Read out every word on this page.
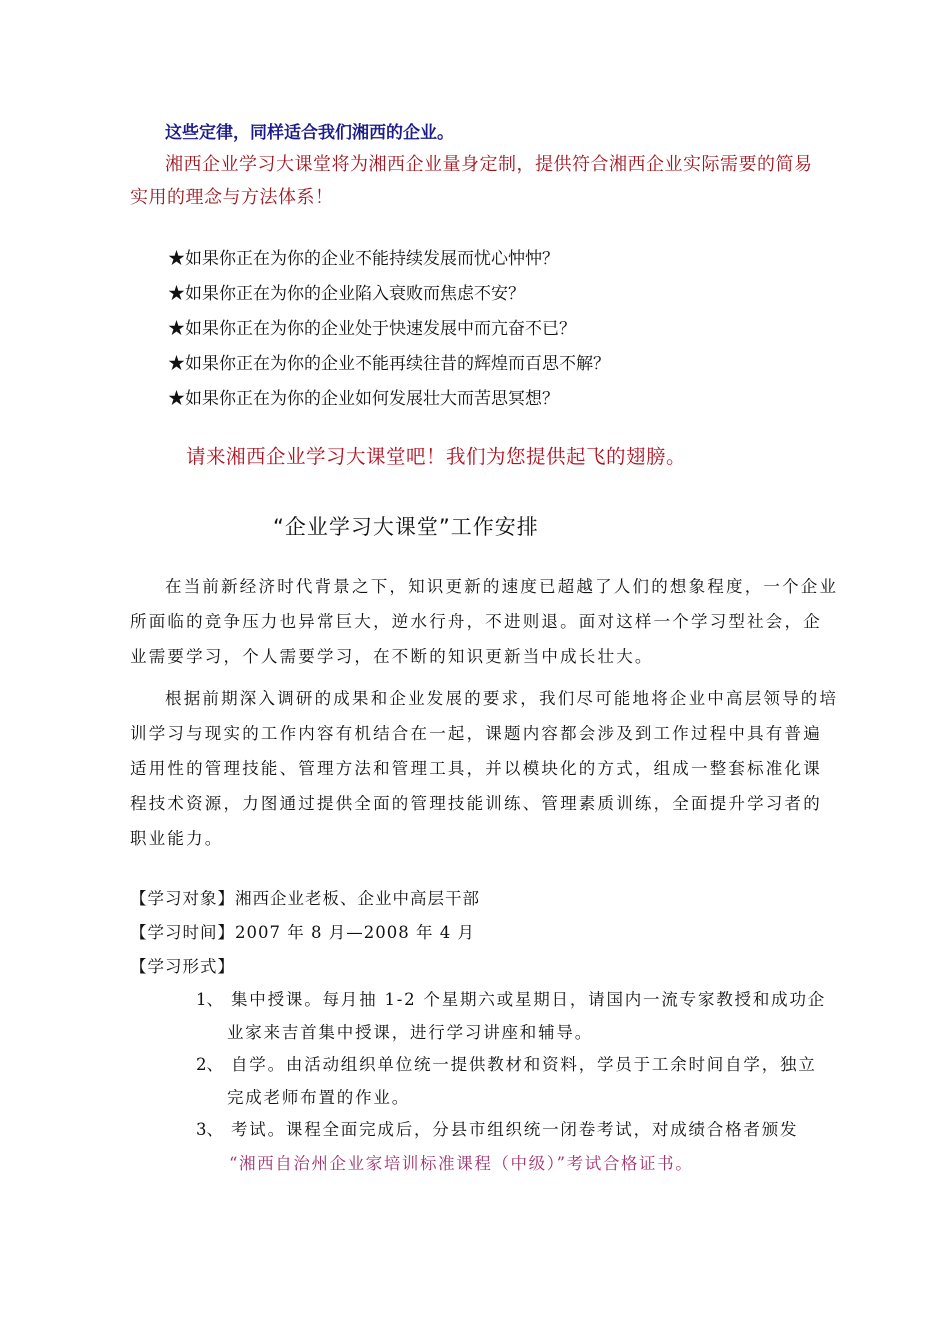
这些定律，同样适合我们湘西的企业。
湘西企业学习大课堂将为湘西企业量身定制，提供符合湘西企业实际需要的简易
实用的理念与方法体系！
★如果你正在为你的企业不能持续发展而忧心忡忡？
★如果你正在为你的企业陷入衰败而焦虑不安？
★如果你正在为你的企业处于快速发展中而亢奋不已？
★如果你正在为你的企业不能再续往昔的辉煌而百思不解？
★如果你正在为你的企业如何发展壮大而苦思冥想？
请来湘西企业学习大课堂吧！我们为您提供起飞的翅膀。
“企业学习大课堂”工作安排
在当前新经济时代背景之下，知识更新的速度已超越了人们的想象程度，一个企业
所面临的竞争压力也异常巨大，逆水行舟，不进则退。面对这样一个学习型社会，企
业需要学习，个人需要学习，在不断的知识更新当中成长壮大。
根据前期深入调研的成果和企业发展的要求，我们尽可能地将企业中高层领导的培
训学习与现实的工作内容有机结合在一起，课题内容都会涉及到工作过程中具有普遍
适用性的管理技能、管理方法和管理工具，并以模块化的方式，组成一整套标准化课
程技术资源，力图通过提供全面的管理技能训练、管理素质训练，全面提升学习者的
职业能力。
【学习对象】湘西企业老板、企业中高层干部
【学习时间】2007 年 8 月—2008 年 4 月
【学习形式】
1、 集中授课。每月抽 1-2 个星期六或星期日，请国内一流专家教授和成功企
业家来吉首集中授课，进行学习讲座和辅导。
2、 自学。由活动组织单位统一提供教材和资料，学员于工余时间自学，独立
完成老师布置的作业。
3、 考试。课程全面完成后，分县市组织统一闭卷考试，对成绩合格者颁发
“湘西自治州企业家培训标准课程（中级）”考试合格证书。
